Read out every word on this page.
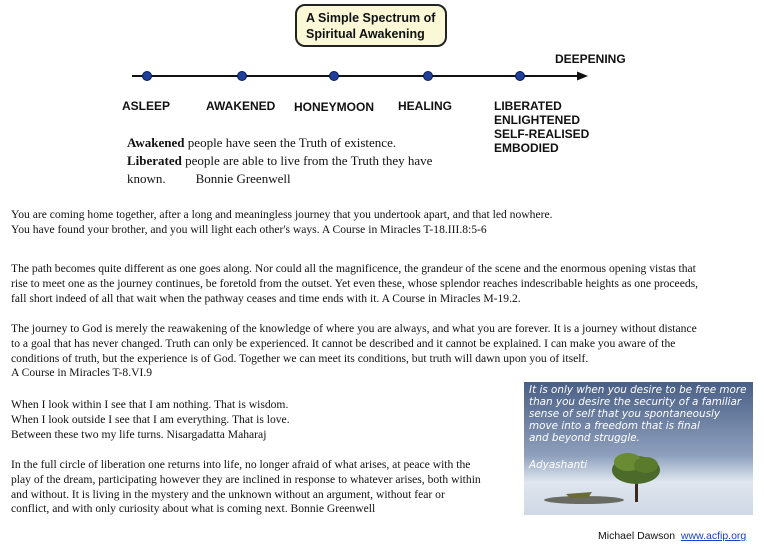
A Simple Spectrum of
Spiritual Awakening
DEEPENING
ASLEEP	AWAKENED HONEYMOON HEALING	LIBERATED
ENLIGHTENED
SELF-REALISED
EMBODIED
Awakened people have seen the Truth of existence.
Liberated people are able to live from the Truth they have
known. Bonnie Greenwell
You are coming home together, after a long and meaningless journey that you undertook apart, and that led nowhere.
You have found your brother, and you will light each other's ways. A Course in Miracles T-18.III.8:5-6
The path becomes quite different as one goes along. Nor could all the magnificence, the grandeur of the scene and the enormous opening vistas that
rise to meet one as the journey continues, be foretold from the outset. Yet even these, whose splendor reaches indescribable heights as one proceeds,
fall short indeed of all that wait when the pathway ceases and time ends with it. A Course in Miracles M-19.2.
The journey to God is merely the reawakening of the knowledge of where you are always, and what you are forever. It is a journey without distance
to a goal that has never changed. Truth can only be experienced. It cannot be described and it cannot be explained. I can make you aware of the
conditions of truth, but the experience is of God. Together we can meet its conditions, but truth will dawn upon you of itself.
A Course in Miracles T-8.VI.9
When I look within I see that I am nothing. That is wisdom.
When I look outside I see that I am everything. That is love.
Between these two my life turns. Nisargadatta Maharaj
In the full circle of liberation one returns into life, no longer afraid of what arises, at peace with the
play of the dream, participating however they are inclined in response to whatever arises, both within
and without. It is living in the mystery and the unknown without an argument, without fear or
conflict, and with only curiosity about what is coming next. Bonnie Greenwell
It is only when you desire to be free more
than you desire the security of a familiar
sense of self that you spontaneously
move into a freedom that is final
and beyond struggle.
Adyashanti
Michael Dawson www.acfip.org
